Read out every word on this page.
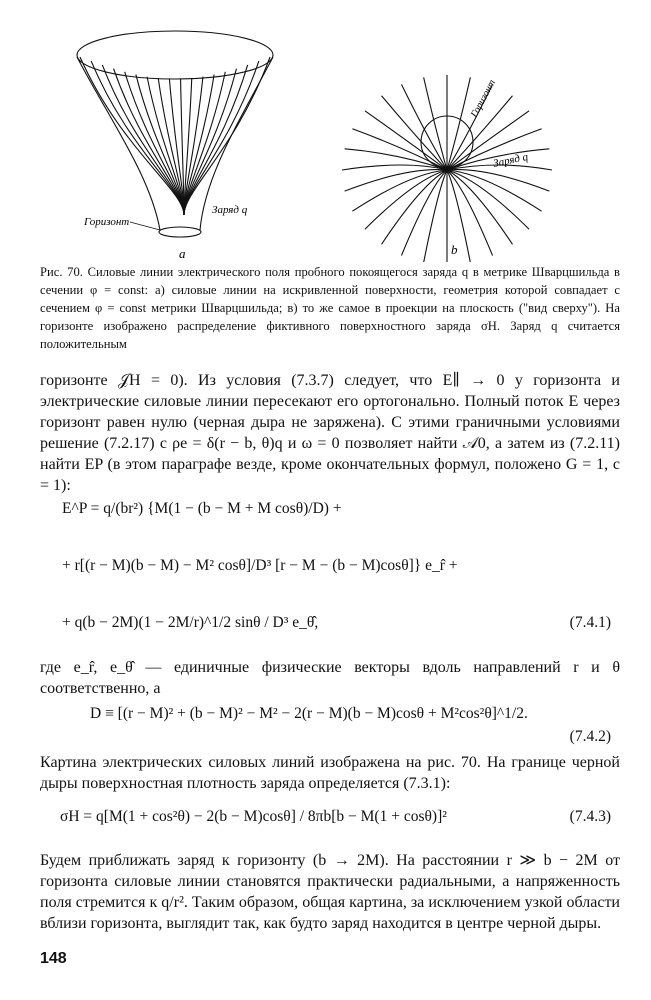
Горизонт
Заряд q
a
Горизонт
Заряд q
b
Рис. 70. Силовые линии электрического поля пробного покоящегося заряда q в метрике Шварцшильда в сечении φ = const: a) силовые линии на искривленной поверхности, геометрия которой совпадает с сечением φ = const метрики Шварцшильда; в) то же самое в проекции на плоскость ("вид сверху"). На горизонте изображено распределение фиктивного поверхностного заряда σH. Заряд q считается положительным
горизонте 𝒥H = 0). Из условия (7.3.7) следует, что E∥ → 0 у горизонта и электрические силовые линии пересекают его ортогонально. Полный поток E через горизонт равен нулю (черная дыра не заряжена). С этими граничными условиями решение (7.2.17) с ρe = δ(r − b, θ)q и ω = 0 позволяет найти 𝒜0, а затем из (7.2.11) найти EP (в этом параграфе везде, кроме окончательных формул, положено G = 1, c = 1):
E^P = q/(br²) {M(1 − (b − M + M cosθ)/D) +
+ r[(r − M)(b − M) − M² cosθ]/D³ [r − M − (b − M)cosθ]} e_r̂ +
+ q(b − 2M)(1 − 2M/r)^1/2 sinθ / D³ e_θ̂,	(7.4.1)
где e_r̂, e_θ̂ — единичные физические векторы вдоль направлений r и θ соответственно, а
D ≡ [(r − M)² + (b − M)² − M² − 2(r − M)(b − M)cosθ + M²cos²θ]^1/2.
(7.4.2)
Картина электрических силовых линий изображена на рис. 70. На границе черной дыры поверхностная плотность заряда определяется (7.3.1):
σH = q[M(1 + cos²θ) − 2(b − M)cosθ] / 8πb[b − M(1 + cosθ)]²	(7.4.3)
Будем приближать заряд к горизонту (b → 2M). На расстоянии r ≫ b − 2M от горизонта силовые линии становятся практически радиальными, а напряженность поля стремится к q/r². Таким образом, общая картина, за исключением узкой области вблизи горизонта, выглядит так, как будто заряд находится в центре черной дыры.
148
